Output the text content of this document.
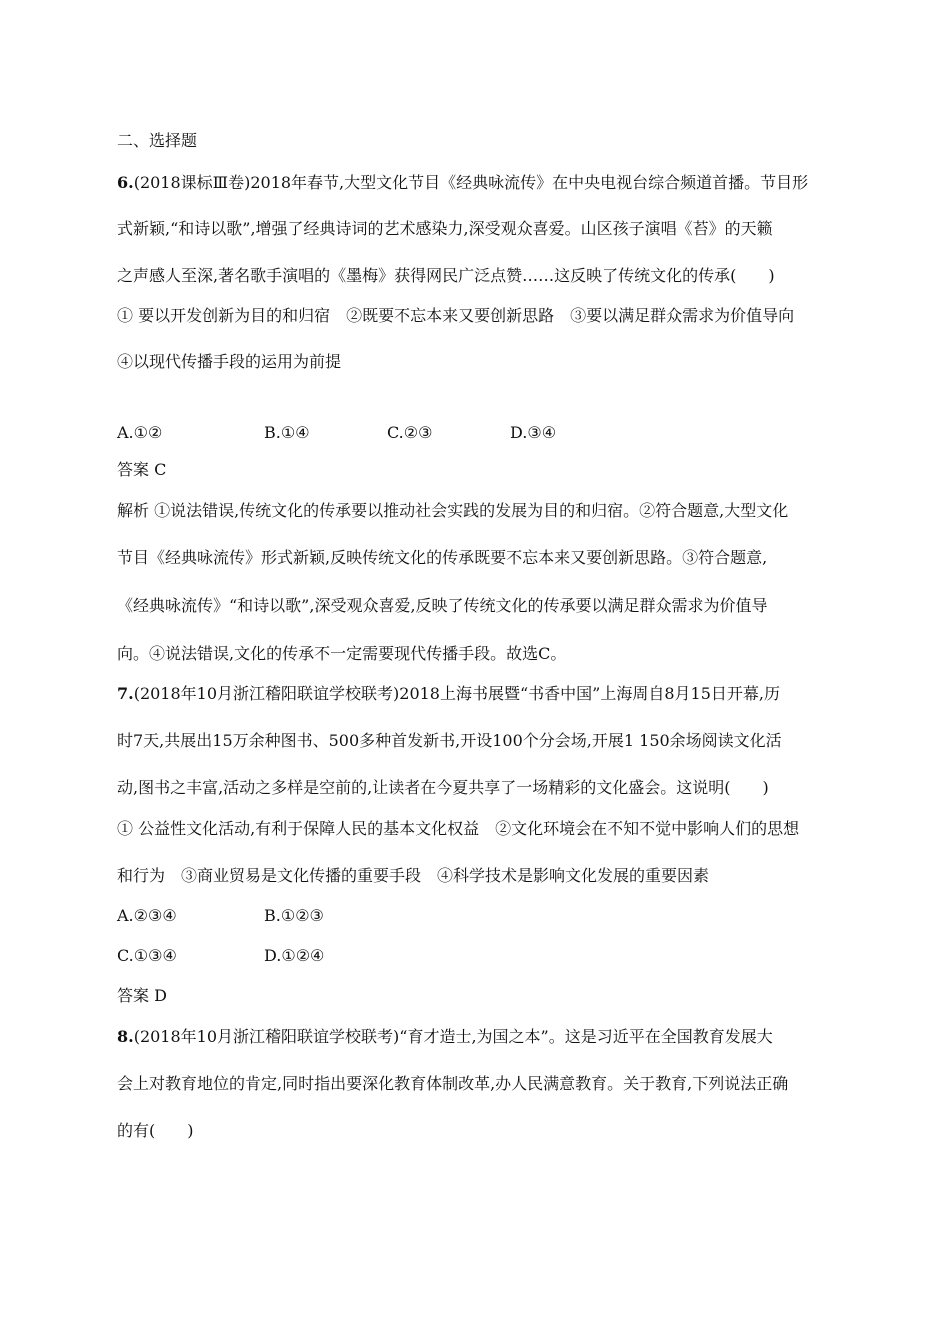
二、选择题
6.(2018课标Ⅲ卷)2018年春节,大型文化节目《经典咏流传》在中央电视台综合频道首播。节目形
式新颖,“和诗以歌”,增强了经典诗词的艺术感染力,深受观众喜爱。山区孩子演唱《苔》的天籁
之声感人至深,著名歌手演唱的《墨梅》获得网民广泛点赞……这反映了传统文化的传承(　　)
① 要以开发创新为目的和归宿　②既要不忘本来又要创新思路　③要以满足群众需求为价值导向
④以现代传播手段的运用为前提
A.①②	B.①④	C.②③	D.③④
答案 C
解析 ①说法错误,传统文化的传承要以推动社会实践的发展为目的和归宿。②符合题意,大型文化
节目《经典咏流传》形式新颖,反映传统文化的传承既要不忘本来又要创新思路。③符合题意,
《经典咏流传》“和诗以歌”,深受观众喜爱,反映了传统文化的传承要以满足群众需求为价值导
向。④说法错误,文化的传承不一定需要现代传播手段。故选C。
7.(2018年10月浙江稽阳联谊学校联考)2018上海书展暨“书香中国”上海周自8月15日开幕,历
时7天,共展出15万余种图书、500多种首发新书,开设100个分会场,开展1 150余场阅读文化活
动,图书之丰富,活动之多样是空前的,让读者在今夏共享了一场精彩的文化盛会。这说明(　　)
① 公益性文化活动,有利于保障人民的基本文化权益　②文化环境会在不知不觉中影响人们的思想
和行为　③商业贸易是文化传播的重要手段　④科学技术是影响文化发展的重要因素
A.②③④	B.①②③
C.①③④	D.①②④
答案 D
8.(2018年10月浙江稽阳联谊学校联考)“育才造士,为国之本”。这是习近平在全国教育发展大
会上对教育地位的肯定,同时指出要深化教育体制改革,办人民满意教育。关于教育,下列说法正确
的有(　　)
